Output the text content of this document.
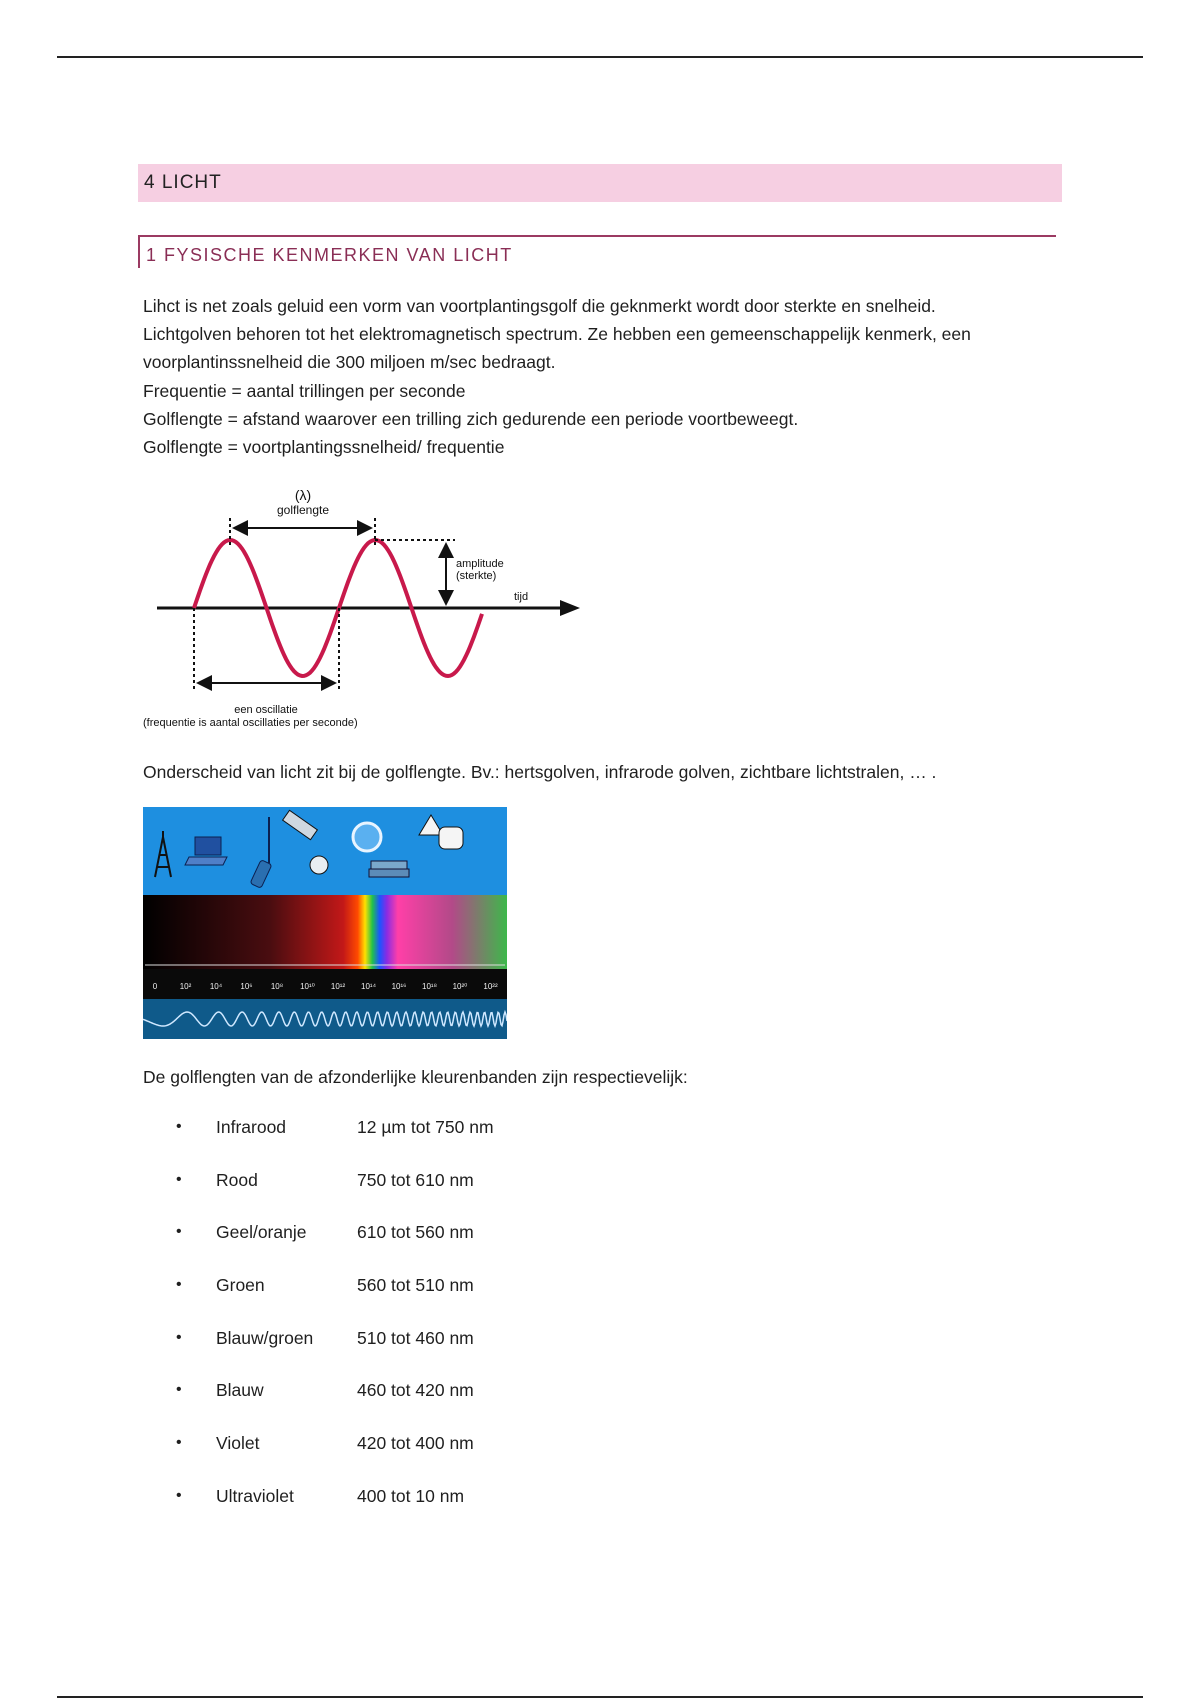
4 LICHT
1 FYSISCHE KENMERKEN VAN LICHT

Lihct is net zoals geluid een vorm van voortplantingsgolf die geknmerkt wordt door sterkte en snelheid.

Lichtgolven behoren tot het elektromagnetisch spectrum. Ze hebben een gemeenschappelijk kenmerk, een

voorplantinssnelheid die 300 miljoen m/sec bedraagt.

Frequentie = aantal trillingen per seconde

Golflengte = afstand waarover een trilling zich gedurende een periode voortbeweegt.

Golflengte = voortplantingssnelheid/ frequentie

(λ)
golflengte
amplitude
(sterkte)
tijd
een oscillatie
(frequentie is aantal oscillaties per seconde)
Onderscheid van licht zit bij de golflengte. Bv.: hertsgolven, infrarode golven, zichtbare lichtstralen, … .
0	10² 10⁴ 10⁶ 10⁸ 10¹⁰ 10¹² 10¹⁴ 10¹⁶ 10¹⁸ 10²⁰ 10²²
De golflengten van de afzonderlijke kleurenbanden zijn respectievelijk:
•	Infrarood	12 µm tot 750 nm
•	Rood	750 tot 610 nm
•	Geel/oranje	610 tot 560 nm
•	Groen	560 tot 510 nm
•	Blauw/groen	510 tot 460 nm
•	Blauw	460 tot 420 nm
•	Violet	420 tot 400 nm
•	Ultraviolet	400 tot 10 nm
